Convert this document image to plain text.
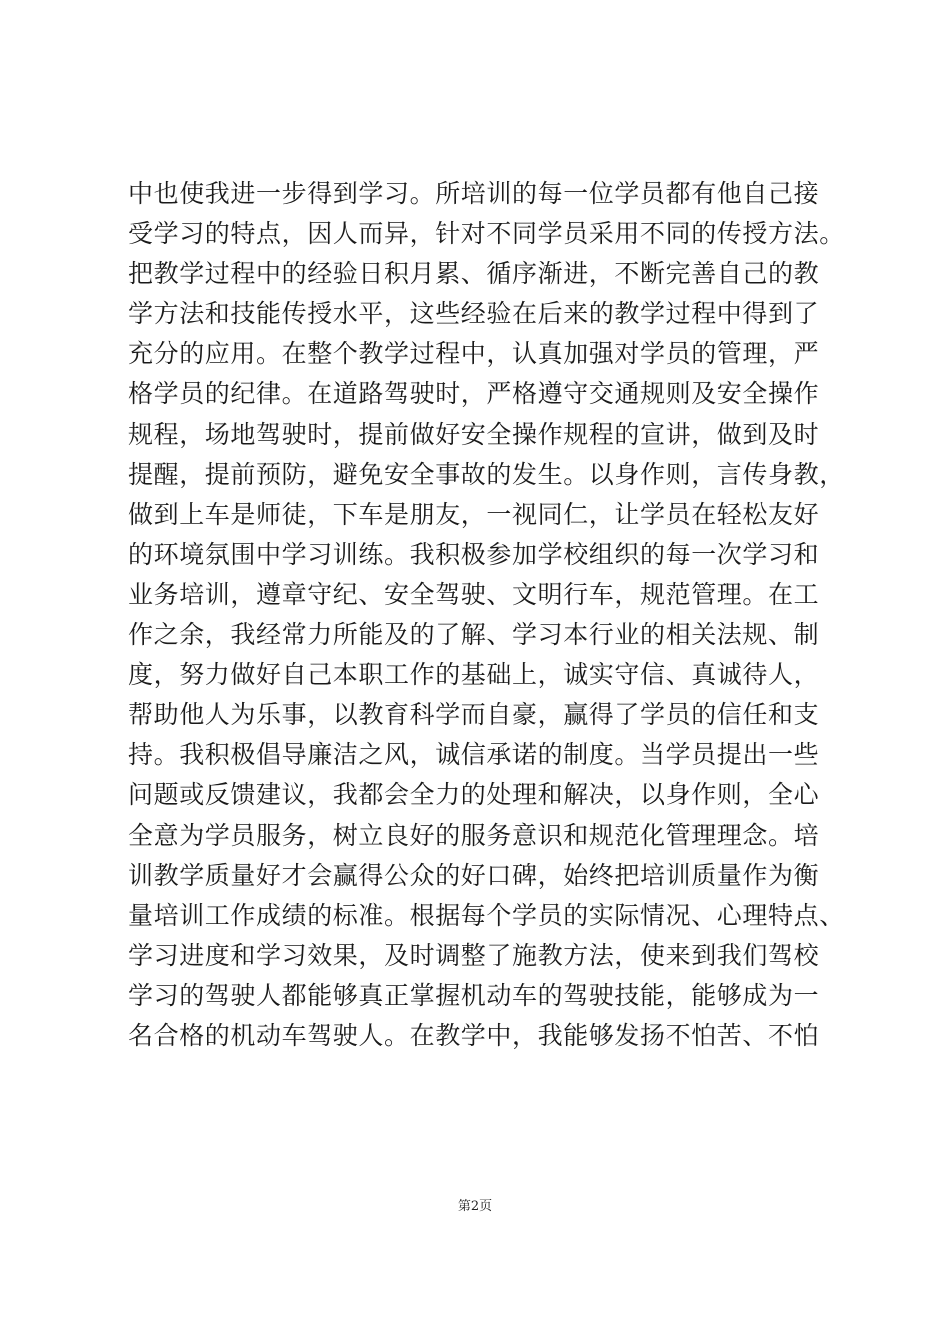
中也使我进一步得到学习。所培训的每一位学员都有他自己接
受学习的特点，因人而异，针对不同学员采用不同的传授方法。
把教学过程中的经验日积月累、循序渐进，不断完善自己的教
学方法和技能传授水平，这些经验在后来的教学过程中得到了
充分的应用。在整个教学过程中，认真加强对学员的管理，严
格学员的纪律。在道路驾驶时，严格遵守交通规则及安全操作
规程，场地驾驶时，提前做好安全操作规程的宣讲，做到及时
提醒，提前预防，避免安全事故的发生。以身作则，言传身教，
做到上车是师徒，下车是朋友，一视同仁，让学员在轻松友好
的环境氛围中学习训练。我积极参加学校组织的每一次学习和
业务培训，遵章守纪、安全驾驶、文明行车，规范管理。在工
作之余，我经常力所能及的了解、学习本行业的相关法规、制
度，努力做好自己本职工作的基础上，诚实守信、真诚待人，
帮助他人为乐事，以教育科学而自豪，赢得了学员的信任和支
持。我积极倡导廉洁之风，诚信承诺的制度。当学员提出一些
问题或反馈建议，我都会全力的处理和解决，以身作则，全心
全意为学员服务，树立良好的服务意识和规范化管理理念。培
训教学质量好才会赢得公众的好口碑，始终把培训质量作为衡
量培训工作成绩的标准。根据每个学员的实际情况、心理特点、
学习进度和学习效果，及时调整了施教方法，使来到我们驾校
学习的驾驶人都能够真正掌握机动车的驾驶技能，能够成为一
名合格的机动车驾驶人。在教学中，我能够发扬不怕苦、不怕
第2页
